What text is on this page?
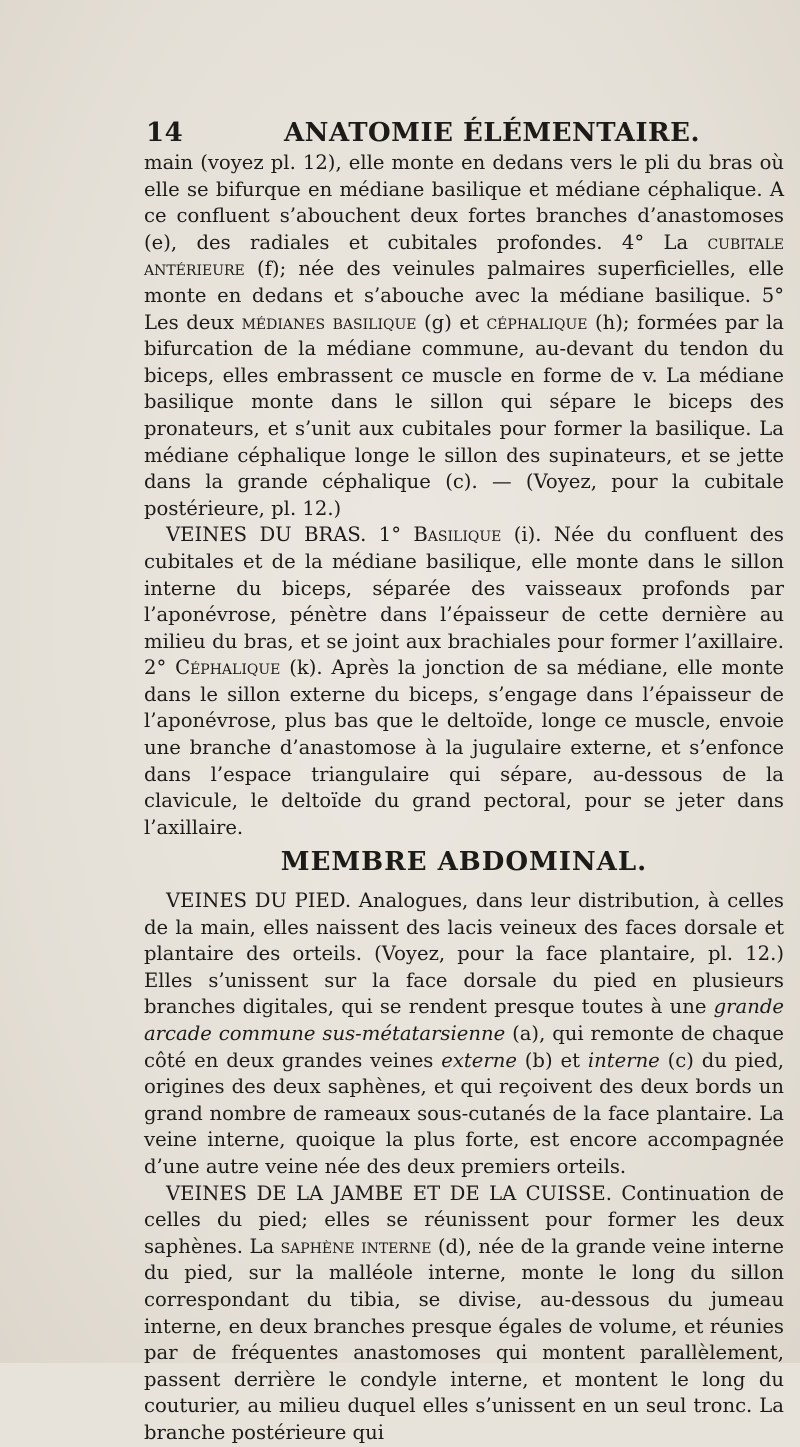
14	ANATOMIE ÉLÉMENTAIRE.

main (voyez pl. 12), elle monte en dedans vers le pli du bras où elle se bifurque en médiane basilique et médiane céphalique. A ce confluent s’abouchent deux fortes branches d’anastomoses (e), des radiales et cubitales profondes. 4° La cubitale antérieure (f); née des veinules palmaires superficielles, elle monte en dedans et s’abouche avec la médiane basilique. 5° Les deux médianes basilique (g) et céphalique (h); formées par la bifurcation de la médiane commune, au-devant du tendon du biceps, elles embrassent ce muscle en forme de v. La médiane basilique monte dans le sillon qui sépare le biceps des pronateurs, et s’unit aux cubitales pour former la basilique. La médiane céphalique longe le sillon des supinateurs, et se jette dans la grande céphalique (c). — (Voyez, pour la cubitale postérieure, pl. 12.)

VEINES DU BRAS. 1° Basilique (i). Née du confluent des cubitales et de la médiane basilique, elle monte dans le sillon interne du biceps, séparée des vaisseaux profonds par l’aponévrose, pénètre dans l’épaisseur de cette dernière au milieu du bras, et se joint aux brachiales pour former l’axillaire. 2° Céphalique (k). Après la jonction de sa médiane, elle monte dans le sillon externe du biceps, s’engage dans l’épaisseur de l’aponévrose, plus bas que le deltoïde, longe ce muscle, envoie une branche d’anastomose à la jugulaire externe, et s’enfonce dans l’espace triangulaire qui sépare, au-dessous de la clavicule, le deltoïde du grand pectoral, pour se jeter dans l’axillaire.

MEMBRE ABDOMINAL.

VEINES DU PIED. Analogues, dans leur distribution, à celles de la main, elles naissent des lacis veineux des faces dorsale et plantaire des orteils. (Voyez, pour la face plantaire, pl. 12.) Elles s’unissent sur la face dorsale du pied en plusieurs branches digitales, qui se rendent presque toutes à une grande arcade commune sus-métatarsienne (a), qui remonte de chaque côté en deux grandes veines externe (b) et interne (c) du pied, origines des deux saphènes, et qui reçoivent des deux bords un grand nombre de rameaux sous-cutanés de la face plantaire. La veine interne, quoique la plus forte, est encore accompagnée d’une autre veine née des deux premiers orteils.

VEINES DE LA JAMBE ET DE LA CUISSE. Continuation de celles du pied; elles se réunissent pour former les deux saphènes. La saphène interne (d), née de la grande veine interne du pied, sur la malléole interne, monte le long du sillon correspondant du tibia, se divise, au-dessous du jumeau interne, en deux branches presque égales de volume, et réunies par de fréquentes anastomoses qui montent parallèlement, passent derrière le condyle interne, et montent le long du couturier, au milieu duquel elles s’unissent en un seul tronc. La branche postérieure qui
